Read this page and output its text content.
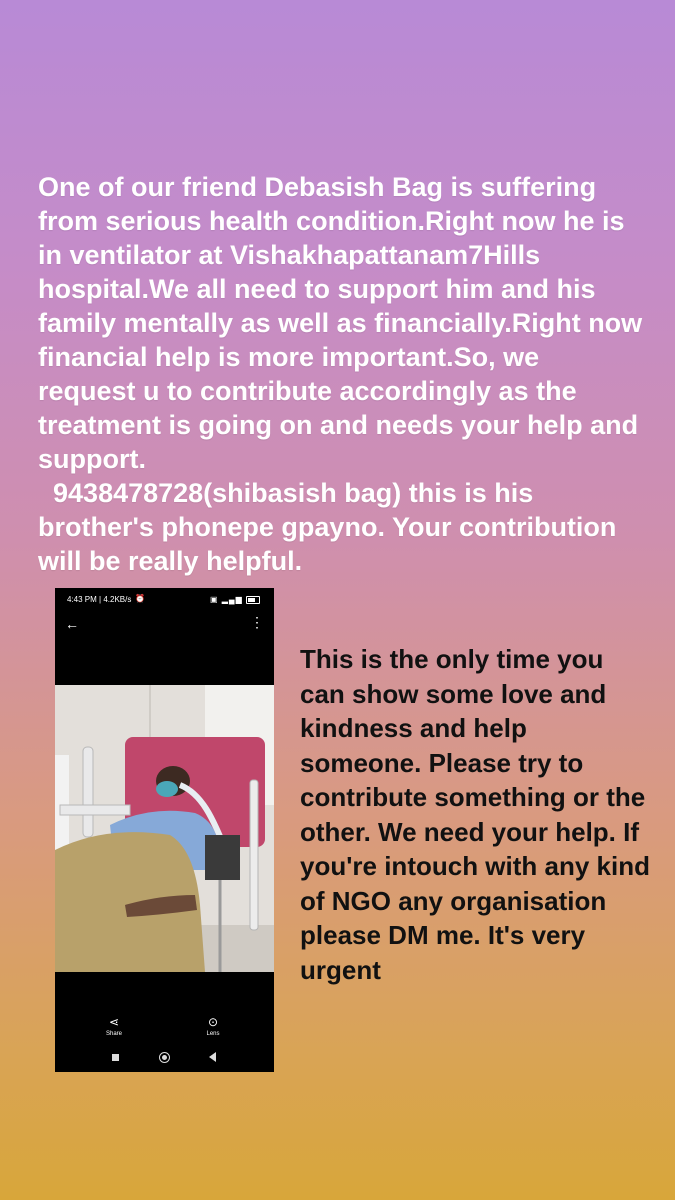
One of our friend Debasish Bag is suffering from serious health condition.Right now he is in ventilator at Vishakhapattanam7Hills hospital.We all need to support him and his family mentally as well as financially.Right now financial help is more important.So, we request u to contribute accordingly as the treatment is going on and needs your help and support.
9438478728(shibasish bag) this is his brother's phonepe gpayno. Your contribution will be really helpful.
4:43 PM | 4.2KB/s ⏰	▣ ▂▄▆
←	⋮
⋖
Share
⊙
Lens
This is the only time you can show some love and kindness and help someone. Please try to contribute something or the other. We need your help. If you're intouch with any kind of NGO any organisation please DM me. It's very urgent
